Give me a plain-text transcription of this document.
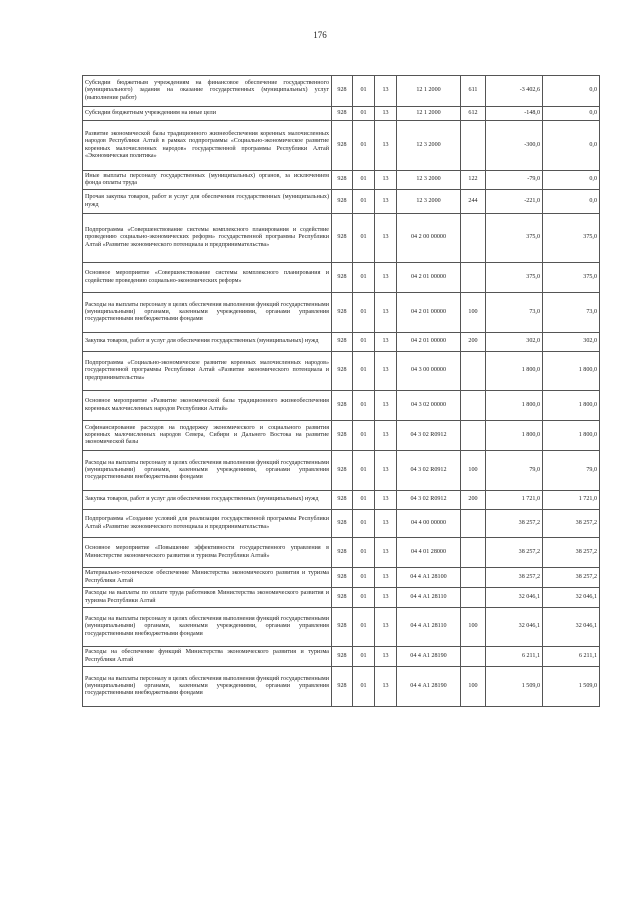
176
Субсидии бюджетным учреждениям на финансовое обеспечение государственного (муниципального) задания на оказание государственных (муниципальных) услуг (выполнение работ)	928	01	13	12 1 2000	611	-3 402,6	0,0
Субсидии бюджетным учреждениям на иные цели	928	01	13	12 1 2000	612	-148,0	0,0
Развитие экономической базы традиционного жизнеобеспечения коренных малочисленных народов Республики Алтай в рамках подпрограммы «Социально-экономическое развитие коренных малочисленных народов» государственной программы Республики Алтай «Экономическая политика»	928	01	13	12 3 2000		-300,0	0,0
Иные выплаты персоналу государственных (муниципальных) органов, за исключением фонда оплаты труда	928	01	13	12 3 2000	122	-79,0	0,0
Прочая закупка товаров, работ и услуг для обеспечения государственных (муниципальных) нужд	928	01	13	12 3 2000	244	-221,0	0,0
Подпрограмма «Совершенствование системы комплексного планирования и содействие проведению социально-экономических реформ» государственной программы Республики Алтай «Развитие экономического потенциала и предпринимательства»	928	01	13	04 2 00 00000		375,0	375,0
Основное мероприятие «Совершенствование системы комплексного планирования и содействие проведению социально-экономических реформ»	928	01	13	04 2 01 00000		375,0	375,0
Расходы на выплаты персоналу в целях обеспечения выполнения функций государственными (муниципальными) органами, казенными учреждениями, органами управления государственными внебюджетными фондами	928	01	13	04 2 01 00000	100	73,0	73,0
Закупка товаров, работ и услуг для обеспечения государственных (муниципальных) нужд	928	01	13	04 2 01 00000	200	302,0	302,0
Подпрограмма «Социально-экономическое развитие коренных малочисленных народов» государственной программы Республики Алтай «Развитие экономического потенциала и предпринимательства»	928	01	13	04 3 00 00000		1 800,0	1 800,0
Основное мероприятие «Развитие экономической базы традиционного жизнеобеспечения коренных малочисленных народов Республики Алтай»	928	01	13	04 3 02 00000		1 800,0	1 800,0
Софинансирование расходов на поддержку экономического и социального развития коренных малочисленных народов Севера, Сибири и Дальнего Востока на развитие экономической базы	928	01	13	04 3 02 R0912		1 800,0	1 800,0
Расходы на выплаты персоналу в целях обеспечения выполнения функций государственными (муниципальными) органами, казенными учреждениями, органами управления государственными внебюджетными фондами	928	01	13	04 3 02 R0912	100	79,0	79,0
Закупка товаров, работ и услуг для обеспечения государственных (муниципальных) нужд	928	01	13	04 3 02 R0912	200	1 721,0	1 721,0
Подпрограмма «Создание условий для реализации государственной программы Республики Алтай «Развитие экономического потенциала и предпринимательства»	928	01	13	04 4 00 00000		38 257,2	38 257,2
Основное мероприятие «Повышение эффективности государственного управления в Министерстве экономического развития и туризма Республики Алтай»	928	01	13	04 4 01 28000		38 257,2	38 257,2
Материально-техническое обеспечение Министерства экономического развития и туризма Республики Алтай	928	01	13	04 4 А1 28100		38 257,2	38 257,2
Расходы на выплаты по оплате труда работников Министерства экономического развития и туризма Республики Алтай	928	01	13	04 4 А1 28110		32 046,1	32 046,1
Расходы на выплаты персоналу в целях обеспечения выполнения функций государственными (муниципальными) органами, казенными учреждениями, органами управления государственными внебюджетными фондами	928	01	13	04 4 А1 28110	100	32 046,1	32 046,1
Расходы на обеспечение функций Министерства экономического развития и туризма Республики Алтай	928	01	13	04 4 А1 28190		6 211,1	6 211,1
Расходы на выплаты персоналу в целях обеспечения выполнения функций государственными (муниципальными) органами, казенными учреждениями, органами управления государственными внебюджетными фондами	928	01	13	04 4 А1 28190	100	1 509,0	1 509,0
